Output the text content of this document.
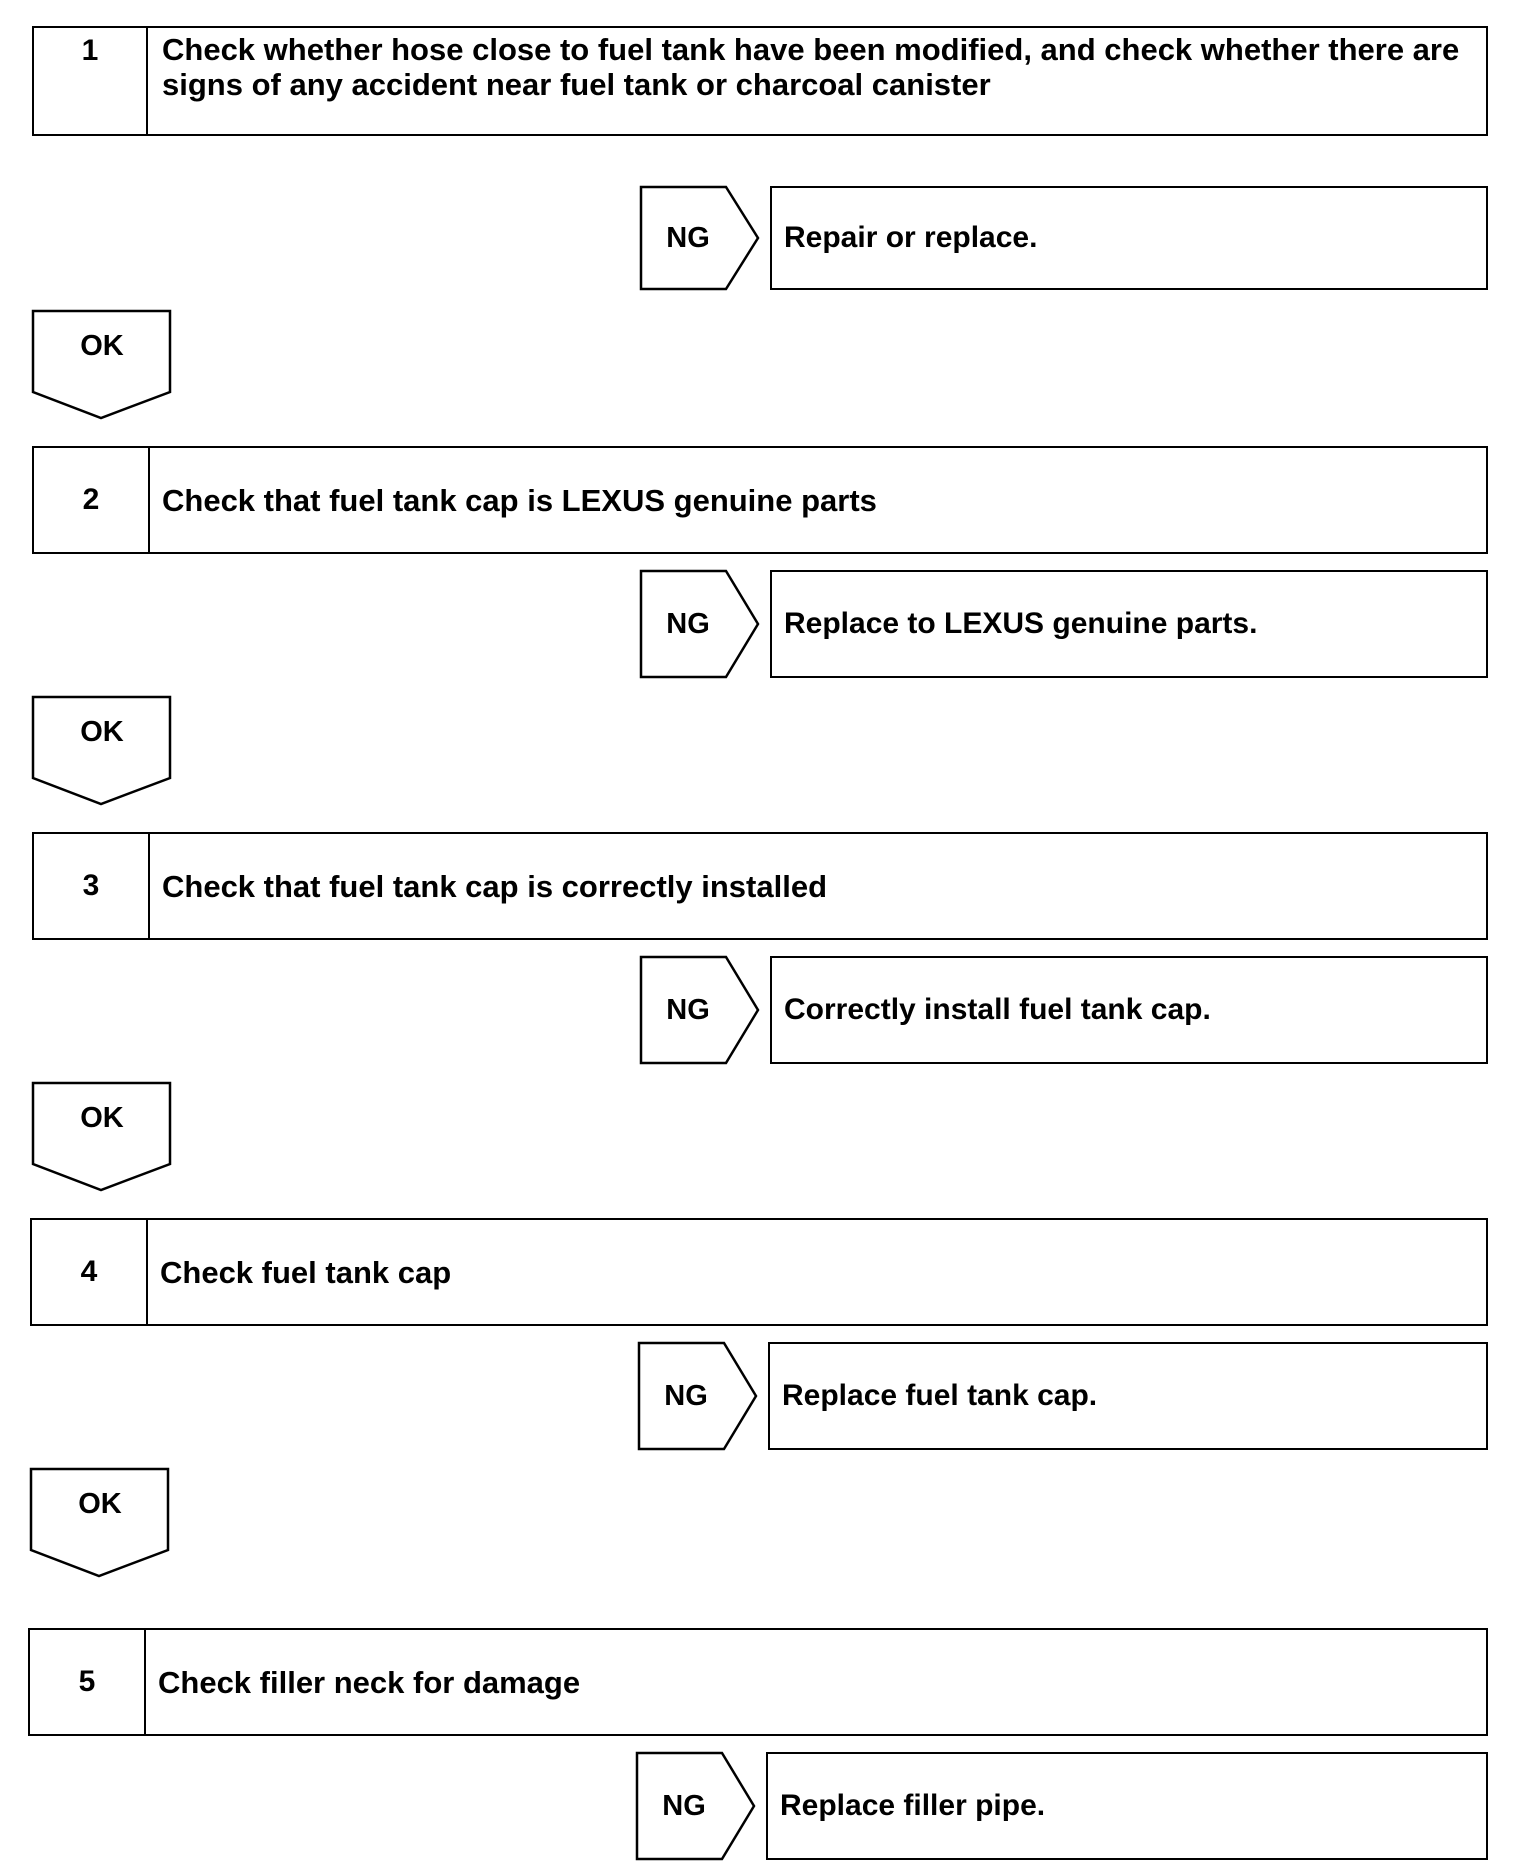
1	Check whether hose close to fuel tank have been modified, and check whether there are signs of any accident near fuel tank or charcoal canister
NG	Repair or replace.
OK
2	Check that fuel tank cap is LEXUS genuine parts
NG	Replace to LEXUS genuine parts.
OK
3	Check that fuel tank cap is correctly installed
NG	Correctly install fuel tank cap.
OK
4	Check fuel tank cap
NG	Replace fuel tank cap.
OK
5	Check filler neck for damage
NG	Replace filler pipe.
